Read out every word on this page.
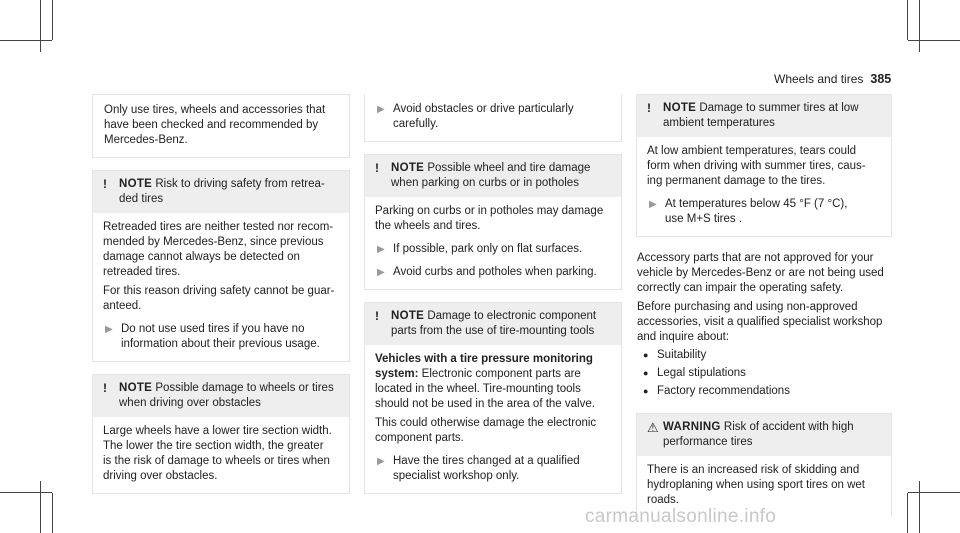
Wheels and tires 385
Only use tires, wheels and accessories that
have been checked and recommended by
Mercedes-Benz.
!	NOTE Risk to driving safety from retrea-
ded tires
Retreaded tires are neither tested nor recom-
mended by Mercedes-Benz, since previous
damage cannot always be detected on

retreaded tires.

For this reason driving safety cannot be guar-
anteed.
▶ Do not use used tires if you have no
information about their previous usage.
!	NOTE Possible damage to wheels or tires
when driving over obstacles
Large wheels have a lower tire section width.
The lower the tire section width, the greater
is the risk of damage to wheels or tires when
driving over obstacles.
▶ Avoid obstacles or drive particularly
carefully.
!	NOTE Possible wheel and tire damage
when parking on curbs or in potholes
Parking on curbs or in potholes may damage
the wheels and tires.
▶ If possible, park only on flat surfaces.
▶ Avoid curbs and potholes when parking.
!	NOTE Damage to electronic component
parts from the use of tire-mounting tools
Vehicles with a tire pressure monitoring
system: Electronic component parts are
located in the wheel. Tire-mounting tools

should not be used in the area of the valve.

This could otherwise damage the electronic
component parts.
▶ Have the tires changed at a qualified
specialist workshop only.
!	NOTE Damage to summer tires at low
ambient temperatures
At low ambient temperatures, tears could
form when driving with summer tires, caus-
ing permanent damage to the tires.
▶ At temperatures below 45 °F (7 °C),
use M+S tires .
Accessory parts that are not approved for your
vehicle by Mercedes-Benz or are not being used

correctly can impair the operating safety.

Before purchasing and using non-approved
accessories, visit a qualified specialist workshop
and inquire about:
● Suitability
● Legal stipulations
● Factory recommendations
⚠ WARNING Risk of accident with high
performance tires
There is an increased risk of skidding and
hydroplaning when using sport tires on wet
roads.
carmanualsonline.info
